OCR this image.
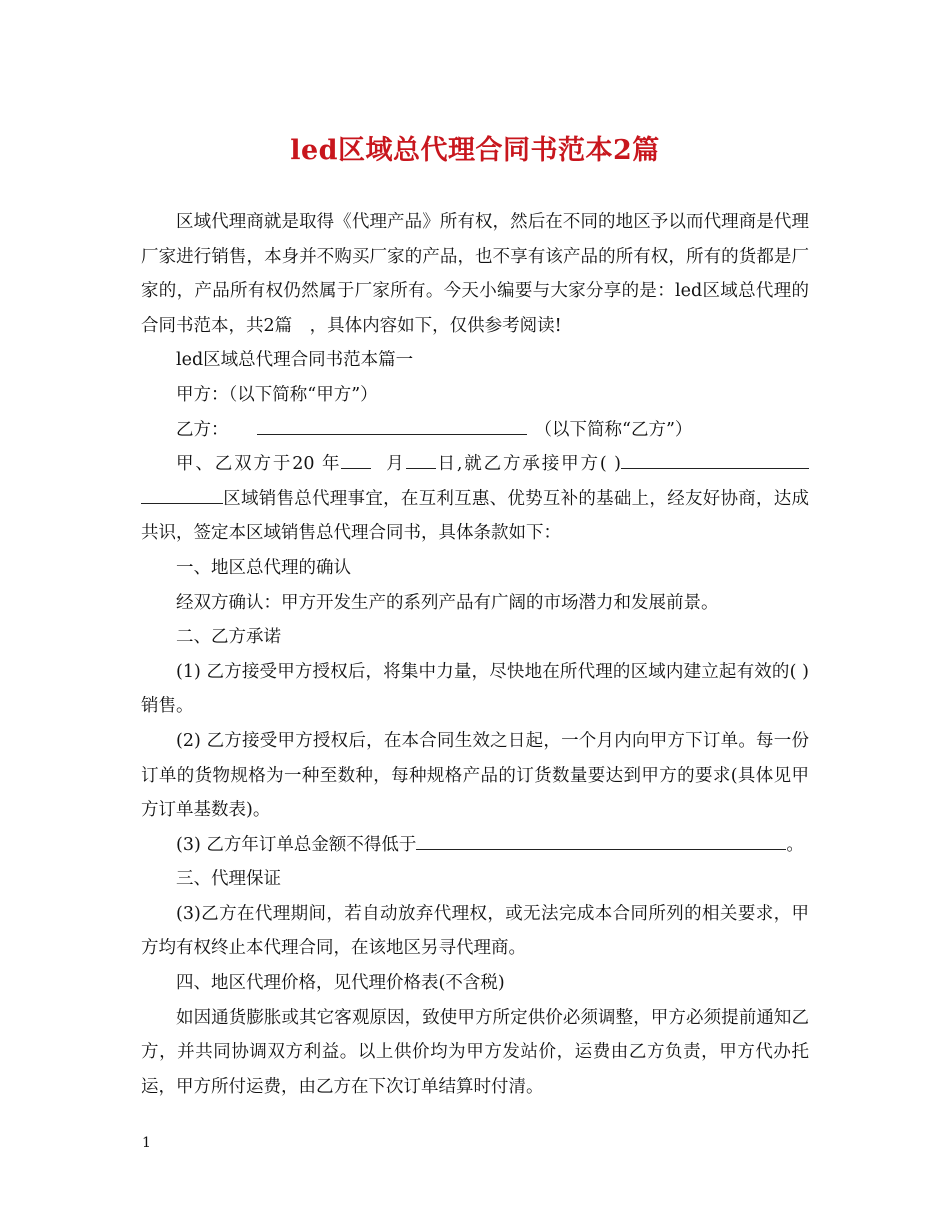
led区域总代理合同书范本2篇

区域代理商就是取得《代理产品》所有权，然后在不同的地区予以而代理商是代理厂家进行销售，本身并不购买厂家的产品，也不享有该产品的所有权，所有的货都是厂家的，产品所有权仍然属于厂家所有。今天小编要与大家分享的是：led区域总代理的合同书范本，共2篇　，具体内容如下，仅供参考阅读!

led区域总代理合同书范本篇一

甲方：（以下简称“甲方”）

乙方：	（以下简称“乙方”）

甲、乙双方于20 年	月 日,就乙方承接甲方( )区域销售总代理事宜，在互利互惠、优势互补的基础上，经友好协商，达成共识，签定本区域销售总代理合同书，具体条款如下：

一、地区总代理的确认

经双方确认：甲方开发生产的系列产品有广阔的市场潜力和发展前景。

二、乙方承诺

(1) 乙方接受甲方授权后，将集中力量，尽快地在所代理的区域内建立起有效的( )销售。

(2) 乙方接受甲方授权后，在本合同生效之日起，一个月内向甲方下订单。每一份订单的货物规格为一种至数种，每种规格产品的订货数量要达到甲方的要求(具体见甲方订单基数表)。

(3) 乙方年订单总金额不得低于	。

三、代理保证

(3)乙方在代理期间，若自动放弃代理权，或无法完成本合同所列的相关要求，甲方均有权终止本代理合同，在该地区另寻代理商。

四、地区代理价格，见代理价格表(不含税)

如因通货膨胀或其它客观原因，致使甲方所定供价必须调整，甲方必须提前通知乙方，并共同协调双方利益。以上供价均为甲方发站价，运费由乙方负责，甲方代办托运，甲方所付运费，由乙方在下次订单结算时付清。

1
